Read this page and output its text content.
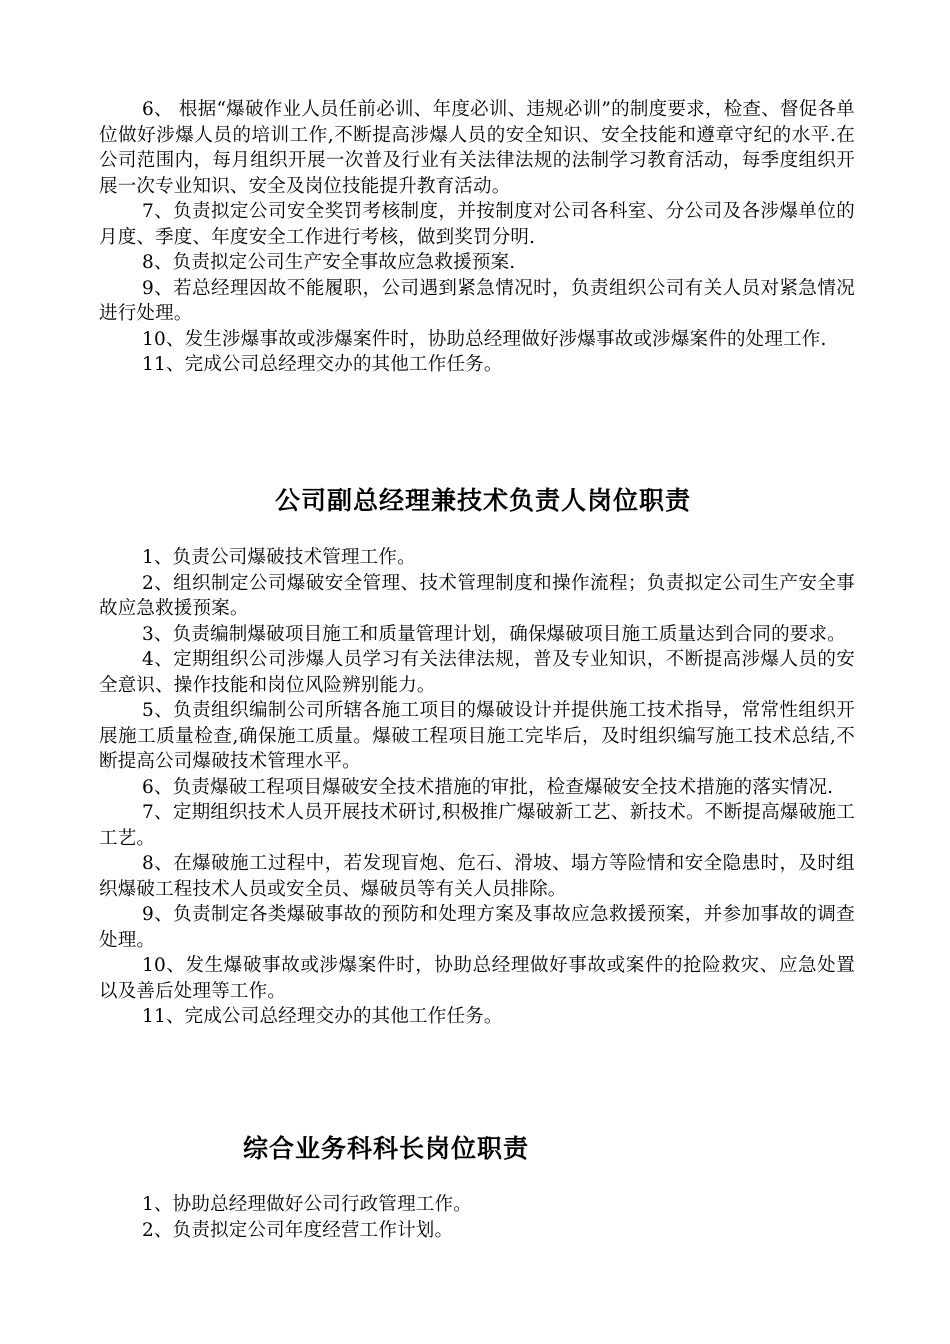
6、 根据“爆破作业人员任前必训、年度必训、违规必训”的制度要求，检查、督促各单位做好涉爆人员的培训工作,不断提高涉爆人员的安全知识、安全技能和遵章守纪的水平.在公司范围内，每月组织开展一次普及行业有关法律法规的法制学习教育活动，每季度组织开展一次专业知识、安全及岗位技能提升教育活动。

7、负责拟定公司安全奖罚考核制度，并按制度对公司各科室、分公司及各涉爆单位的月度、季度、年度安全工作进行考核，做到奖罚分明.

8、负责拟定公司生产安全事故应急救援预案.

9、若总经理因故不能履职，公司遇到紧急情况时，负责组织公司有关人员对紧急情况进行处理。

10、发生涉爆事故或涉爆案件时，协助总经理做好涉爆事故或涉爆案件的处理工作.

11、完成公司总经理交办的其他工作任务。

公司副总经理兼技术负责人岗位职责

1、负责公司爆破技术管理工作。

2、组织制定公司爆破安全管理、技术管理制度和操作流程；负责拟定公司生产安全事故应急救援预案。

3、负责编制爆破项目施工和质量管理计划，确保爆破项目施工质量达到合同的要求。

4、定期组织公司涉爆人员学习有关法律法规，普及专业知识，不断提高涉爆人员的安全意识、操作技能和岗位风险辨别能力。

5、负责组织编制公司所辖各施工项目的爆破设计并提供施工技术指导，常常性组织开展施工质量检查,确保施工质量。爆破工程项目施工完毕后，及时组织编写施工技术总结,不断提高公司爆破技术管理水平。

6、负责爆破工程项目爆破安全技术措施的审批，检查爆破安全技术措施的落实情况.

7、定期组织技术人员开展技术研讨,积极推广爆破新工艺、新技术。不断提高爆破施工工艺。

8、在爆破施工过程中，若发现盲炮、危石、滑坡、塌方等险情和安全隐患时，及时组织爆破工程技术人员或安全员、爆破员等有关人员排除。

9、负责制定各类爆破事故的预防和处理方案及事故应急救援预案，并参加事故的调查处理。

10、发生爆破事故或涉爆案件时，协助总经理做好事故或案件的抢险救灾、应急处置以及善后处理等工作。

11、完成公司总经理交办的其他工作任务。

综合业务科科长岗位职责

1、协助总经理做好公司行政管理工作。

2、负责拟定公司年度经营工作计划。
